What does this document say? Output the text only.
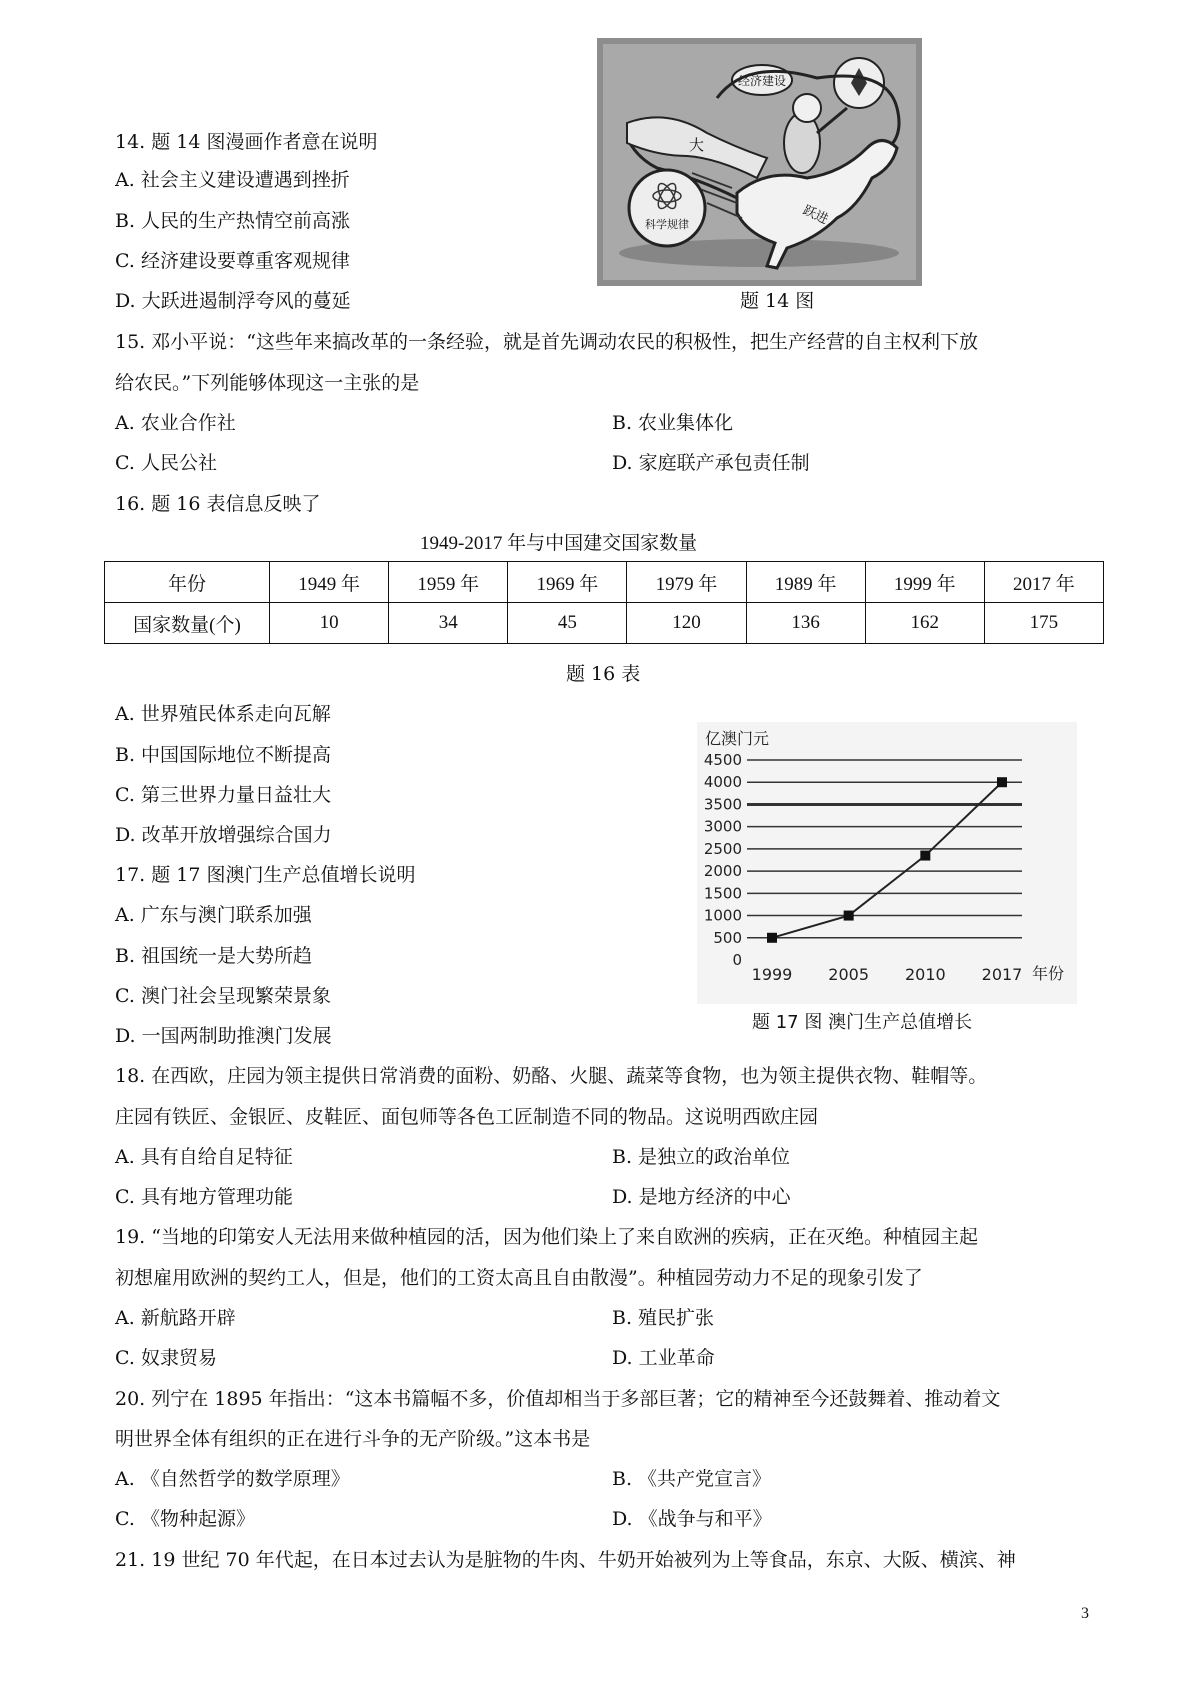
14. 题 14 图漫画作者意在说明
A. 社会主义建设遭遇到挫折
B. 人民的生产热情空前高涨
C. 经济建设要尊重客观规律
D. 大跃进遏制浮夸风的蔓延
经济建设
跃进
大
科学规律
题 14 图
15. 邓小平说：“这些年来搞改革的一条经验，就是首先调动农民的积极性，把生产经营的自主权利下放
给农民。”下列能够体现这一主张的是
A. 农业合作社	B. 农业集体化
C. 人民公社	D. 家庭联产承包责任制
16. 题 16 表信息反映了
1949-2017 年与中国建交国家数量
年份	1949 年	1959 年	1969 年	1979 年	1989 年	1999 年	2017 年
国家数量(个)	10	34	45	120	136	162	175
题 16 表
A. 世界殖民体系走向瓦解
B. 中国国际地位不断提高
C. 第三世界力量日益壮大
D. 改革开放增强综合国力
17. 题 17 图澳门生产总值增长说明
A. 广东与澳门联系加强
B. 祖国统一是大势所趋
C. 澳门社会呈现繁荣景象
D. 一国两制助推澳门发展
亿澳门元
0
500
1000
1500
2000
2500
3000
3500
4000
4500
1999 2005 2010 2017 年份
题 17 图 澳门生产总值增长
18. 在西欧，庄园为领主提供日常消费的面粉、奶酪、火腿、蔬菜等食物，也为领主提供衣物、鞋帽等。
庄园有铁匠、金银匠、皮鞋匠、面包师等各色工匠制造不同的物品。这说明西欧庄园
A. 具有自给自足特征	B. 是独立的政治单位
C. 具有地方管理功能	D. 是地方经济的中心
19. “当地的印第安人无法用来做种植园的活，因为他们染上了来自欧洲的疾病，正在灭绝。种植园主起
初想雇用欧洲的契约工人，但是，他们的工资太高且自由散漫”。种植园劳动力不足的现象引发了
A. 新航路开辟	B. 殖民扩张
C. 奴隶贸易	D. 工业革命
20. 列宁在 1895 年指出：“这本书篇幅不多，价值却相当于多部巨著；它的精神至今还鼓舞着、推动着文
明世界全体有组织的正在进行斗争的无产阶级。”这本书是
A. 《自然哲学的数学原理》	B. 《共产党宣言》
C. 《物种起源》	D. 《战争与和平》
21. 19 世纪 70 年代起，在日本过去认为是脏物的牛肉、牛奶开始被列为上等食品，东京、大阪、横滨、神
3
